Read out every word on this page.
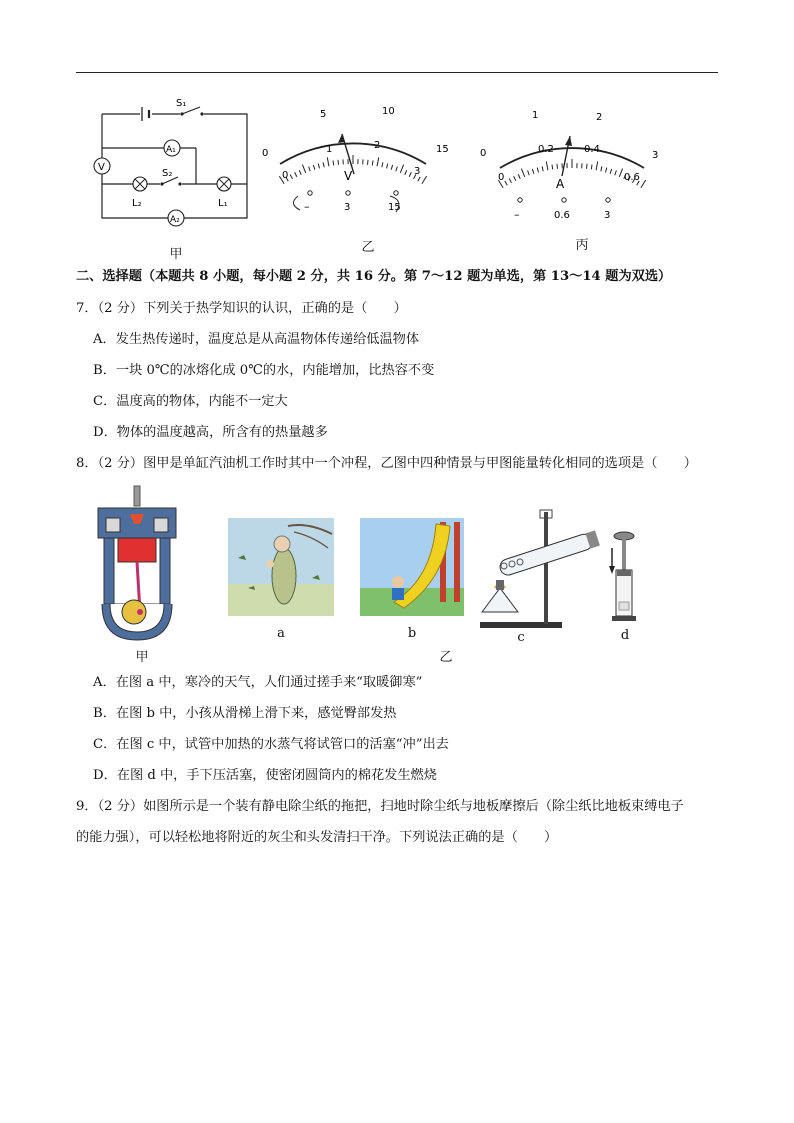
S₁
A₁
V
L₂
S₂
L₁
A₂
甲
0
5	10
15
0
1	2
3
V
–	3	15
乙
0
1	2
3
0
0.2	0.4
0.6
A
–	0.6	3
丙
二、选择题（本题共 8 小题，每小题 2 分，共 16 分。第 7～12 题为单选，第 13～14 题为双选）
7．（2 分）下列关于热学知识的认识，正确的是（　　）
A．发生热传递时，温度总是从高温物体传递给低温物体
B．一块 0℃的冰熔化成 0℃的水，内能增加，比热容不变
C．温度高的物体，内能不一定大
D．物体的温度越高，所含有的热量越多
8．（2 分）图甲是单缸汽油机工作时其中一个冲程，乙图中四种情景与甲图能量转化相同的选项是（　　）
甲
a	b
乙
c	d
A．在图 a 中，寒冷的天气，人们通过搓手来“取暖御寒”
B．在图 b 中，小孩从滑梯上滑下来，感觉臀部发热
C．在图 c 中，试管中加热的水蒸气将试管口的活塞“冲”出去
D．在图 d 中，手下压活塞，使密闭圆筒内的棉花发生燃烧
9．（2 分）如图所示是一个装有静电除尘纸的拖把，扫地时除尘纸与地板摩擦后（除尘纸比地板束缚电子
的能力强），可以轻松地将附近的灰尘和头发清扫干净。下列说法正确的是（　　）
